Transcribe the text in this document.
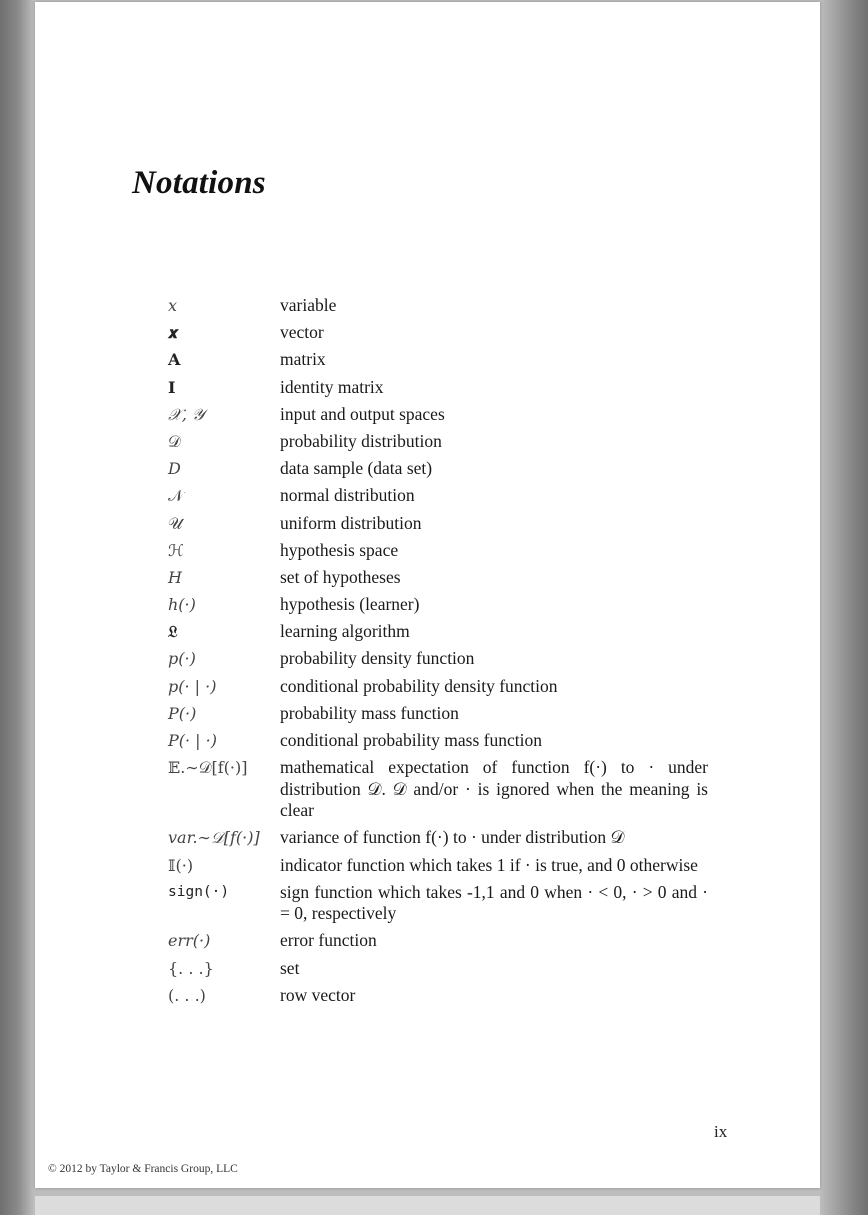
Notations
x	variable
𝒙	vector
A	matrix
I	identity matrix
𝒳, 𝒴	input and output spaces
𝒟	probability distribution
D	data sample (data set)
𝒩	normal distribution
𝒰	uniform distribution
ℋ	hypothesis space
H	set of hypotheses
h(·)	hypothesis (learner)
𝔏	learning algorithm
p(·)	probability density function
p(· | ·)	conditional probability density function
P(·)	probability mass function
P(· | ·)	conditional probability mass function
𝔼.∼𝒟[f(·)]	mathematical expectation of function f(·) to · under distribution 𝒟. 𝒟 and/or · is ignored when the meaning is clear
var.∼𝒟[f(·)]	variance of function f(·) to · under distribution 𝒟
𝕀(·)	indicator function which takes 1 if · is true, and 0 otherwise
sign(·)	sign function which takes -1,1 and 0 when · < 0, · > 0 and · = 0, respectively
err(·)	error function
{. . .}	set
(. . .)	row vector
ix
© 2012 by Taylor & Francis Group, LLC
